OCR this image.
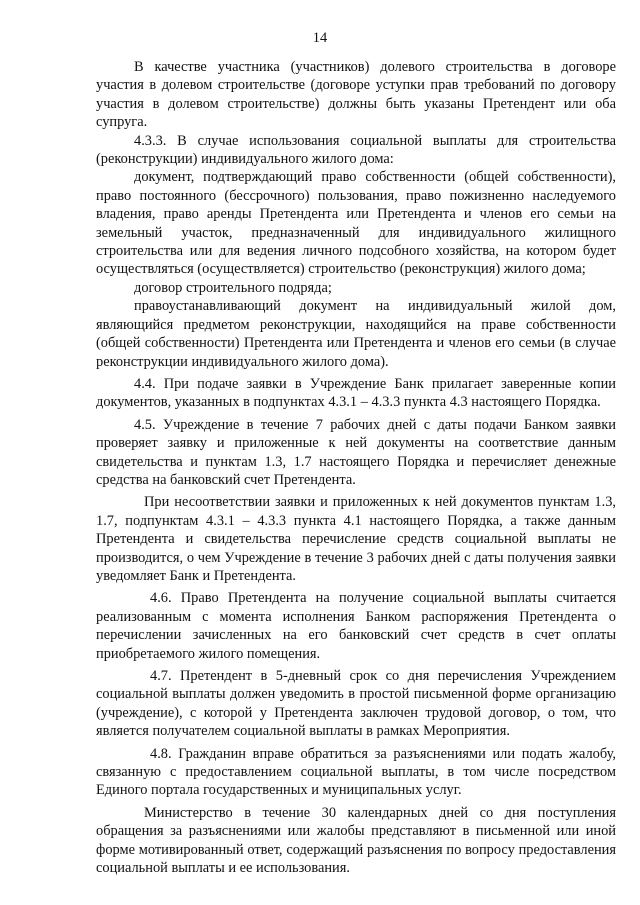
14

В качестве участника (участников) долевого строительства в договоре участия в долевом строительстве (договоре уступки прав требований по договору участия в долевом строительстве) должны быть указаны Претендент или оба супруга.

4.3.3. В случае использования социальной выплаты для строительства (реконструкции) индивидуального жилого дома:

документ, подтверждающий право собственности (общей собственности), право постоянного (бессрочного) пользования, право пожизненно наследуемого владения, право аренды Претендента или Претендента и членов его семьи на земельный участок, предназначенный для индивидуального жилищного строительства или для ведения личного подсобного хозяйства, на котором будет осуществляться (осуществляется) строительство (реконструкция) жилого дома;

договор строительного подряда;

правоустанавливающий документ на индивидуальный жилой дом, являющийся предметом реконструкции, находящийся на праве собственности (общей собственности) Претендента или Претендента и членов его семьи (в случае реконструкции индивидуального жилого дома).

4.4. При подаче заявки в Учреждение Банк прилагает заверенные копии документов, указанных в подпунктах 4.3.1 – 4.3.3 пункта 4.3 настоящего Порядка.

4.5. Учреждение в течение 7 рабочих дней с даты подачи Банком заявки проверяет заявку и приложенные к ней документы на соответствие данным свидетельства и пунктам 1.3, 1.7 настоящего Порядка и перечисляет денежные средства на банковский счет Претендента.

При несоответствии заявки и приложенных к ней документов пунктам 1.3, 1.7, подпунктам 4.3.1 – 4.3.3 пункта 4.1 настоящего Порядка, а также данным Претендента и свидетельства перечисление средств социальной выплаты не производится, о чем Учреждение в течение 3 рабочих дней с даты получения заявки уведомляет Банк и Претендента.

4.6. Право Претендента на получение социальной выплаты считается реализованным с момента исполнения Банком распоряжения Претендента о перечислении зачисленных на его банковский счет средств в счет оплаты приобретаемого жилого помещения.

4.7. Претендент в 5-дневный срок со дня перечисления Учреждением социальной выплаты должен уведомить в простой письменной форме организацию (учреждение), с которой у Претендента заключен трудовой договор, о том, что является получателем социальной выплаты в рамках Мероприятия.

4.8. Гражданин вправе обратиться за разъяснениями или подать жалобу, связанную с предоставлением социальной выплаты, в том числе посредством Единого портала государственных и муниципальных услуг.

Министерство в течение 30 календарных дней со дня поступления обращения за разъяснениями или жалобы представляют в письменной или иной форме мотивированный ответ, содержащий разъяснения по вопросу предоставления социальной выплаты и ее использования.
